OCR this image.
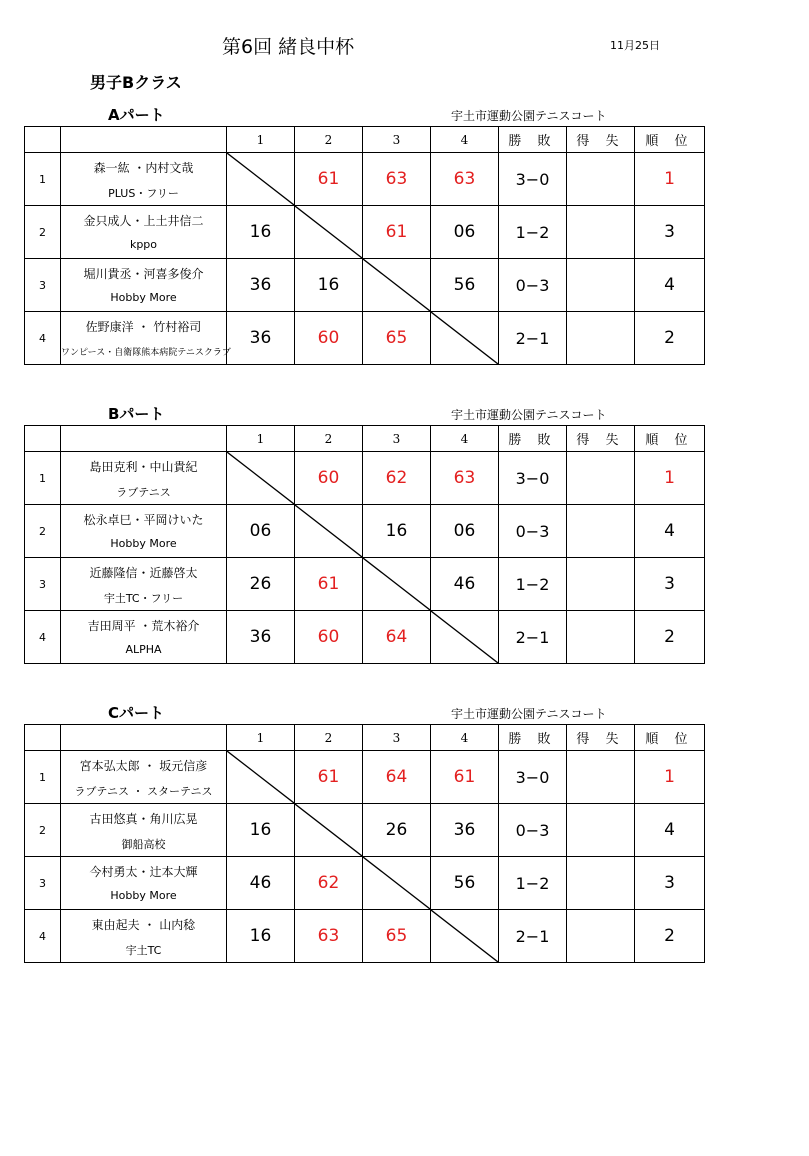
第6回 緒良中杯	11月25日
男子Bクラス
Aパート	宇土市運動公園テニスコート
		1	2	3	4	勝 敗	得 失	順 位
1	森一紘 ・内村文哉
PLUS・フリー		61	63	63	3−0		1
2	金只成人・上土井信二
kppo	16		61	06	1−2		3
3	堀川貴丞・河喜多俊介
Hobby More	36	16		56	0−3		4
4	佐野康洋 ・ 竹村裕司
ワンピース・自衛隊熊本病院テニスクラブ	36	60	65		2−1		2
Bパート	宇土市運動公園テニスコート
		1	2	3	4	勝 敗	得 失	順 位
1	島田克利・中山貴紀
ラブテニス		60	62	63	3−0		1
2	松永卓巳・平岡けいた
Hobby More	06		16	06	0−3		4
3	近藤隆信・近藤啓太
宇土TC・フリー	26	61		46	1−2		3
4	吉田周平 ・荒木裕介
ALPHA	36	60	64		2−1		2
Cパート	宇土市運動公園テニスコート
		1	2	3	4	勝 敗	得 失	順 位
1	宮本弘太郎 ・ 坂元信彦
ラブテニス ・ スターテニス		61	64	61	3−0		1
2	古田悠真・角川広晃
御船高校	16		26	36	0−3		4
3	今村勇太・辻本大輝
Hobby More	46	62		56	1−2		3
4	東由起夫 ・ 山内稔
宇土TC	16	63	65		2−1		2
